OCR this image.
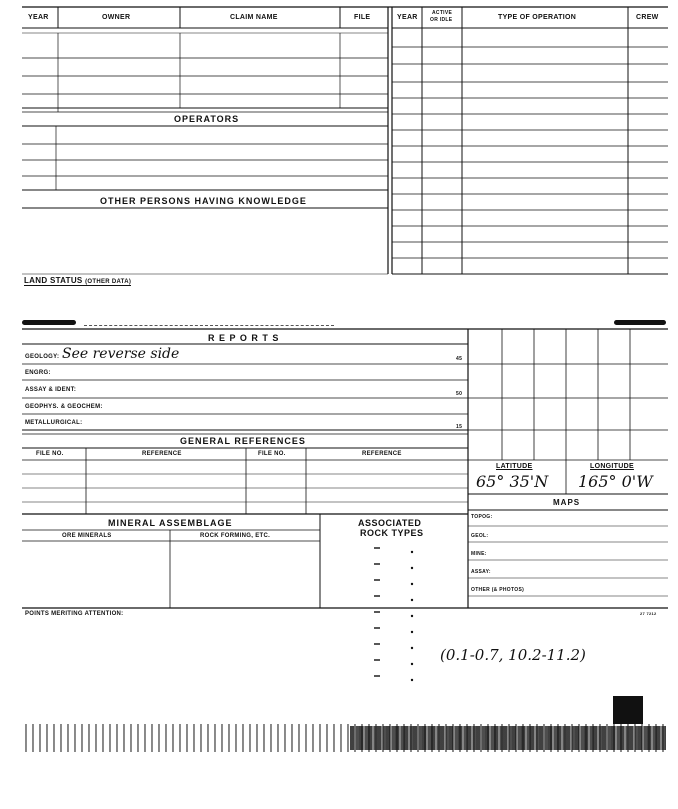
YEAR	OWNER	CLAIM NAME	FILE	YEAR
ACTIVE
OR IDLE	TYPE OF OPERATION	CREW
OPERATORS
OTHER PERSONS HAVING KNOWLEDGE
LAND STATUS (OTHER DATA)
R E P O R T S
GEOLOGY: See reverse side	45
ENGRG:
ASSAY & IDENT:
50
GEOPHYS. & GEOCHEM:
METALLURGICAL:
15
GENERAL REFERENCES
FILE NO.	REFERENCE	FILE NO.	REFERENCE
LATITUDE	LONGITUDE
65° 35'N 165° 0'W
MAPS
TOPOG:
GEOL:
MINE:
ASSAY:
OTHER (& PHOTOS)
MINERAL ASSEMBLAGE
ORE MINERALS	ROCK FORMING, ETC.
ASSOCIATED
ROCK TYPES
POINTS MERITING ATTENTION:	27 7212
(0.1-0.7, 10.2-11.2)
